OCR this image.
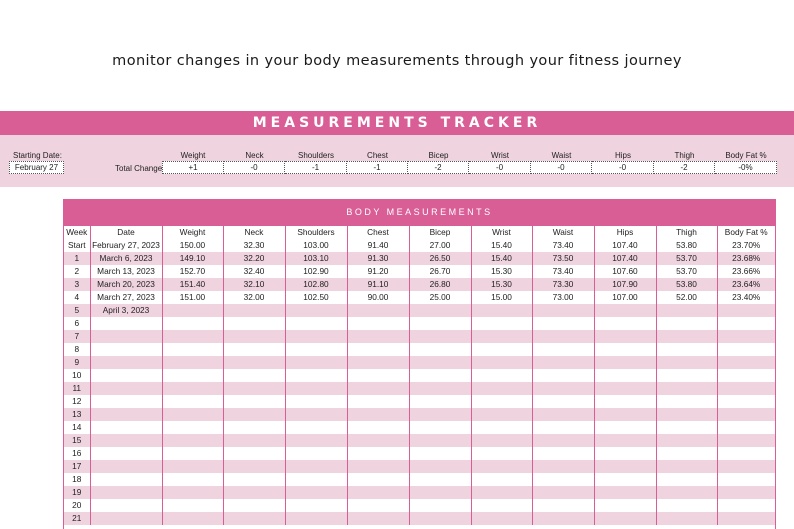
monitor changes in your body measurements through your fitness journey
MEASUREMENTS TRACKER
Starting Date:
February 27	Total Change
Weight	Neck	Shoulders	Chest	Bicep	Wrist	Waist	Hips	Thigh	Body Fat %
+1	-0	-1	-1	-2	-0	-0	-0	-2	-0%
BODY MEASUREMENTS
Week	Date	Weight	Neck	Shoulders	Chest	Bicep	Wrist	Waist	Hips	Thigh	Body Fat %
Start	February 27, 2023	150.00	32.30	103.00	91.40	27.00	15.40	73.40	107.40	53.80	23.70%
1	March 6, 2023	149.10	32.20	103.10	91.30	26.50	15.40	73.50	107.40	53.70	23.68%
2	March 13, 2023	152.70	32.40	102.90	91.20	26.70	15.30	73.40	107.60	53.70	23.66%
3	March 20, 2023	151.40	32.10	102.80	91.10	26.80	15.30	73.30	107.90	53.80	23.64%
4	March 27, 2023	151.00	32.00	102.50	90.00	25.00	15.00	73.00	107.00	52.00	23.40%
5	April 3, 2023										
6											
7											
8											
9											
10											
11											
12											
13											
14											
15											
16											
17											
18											
19											
20											
21											
